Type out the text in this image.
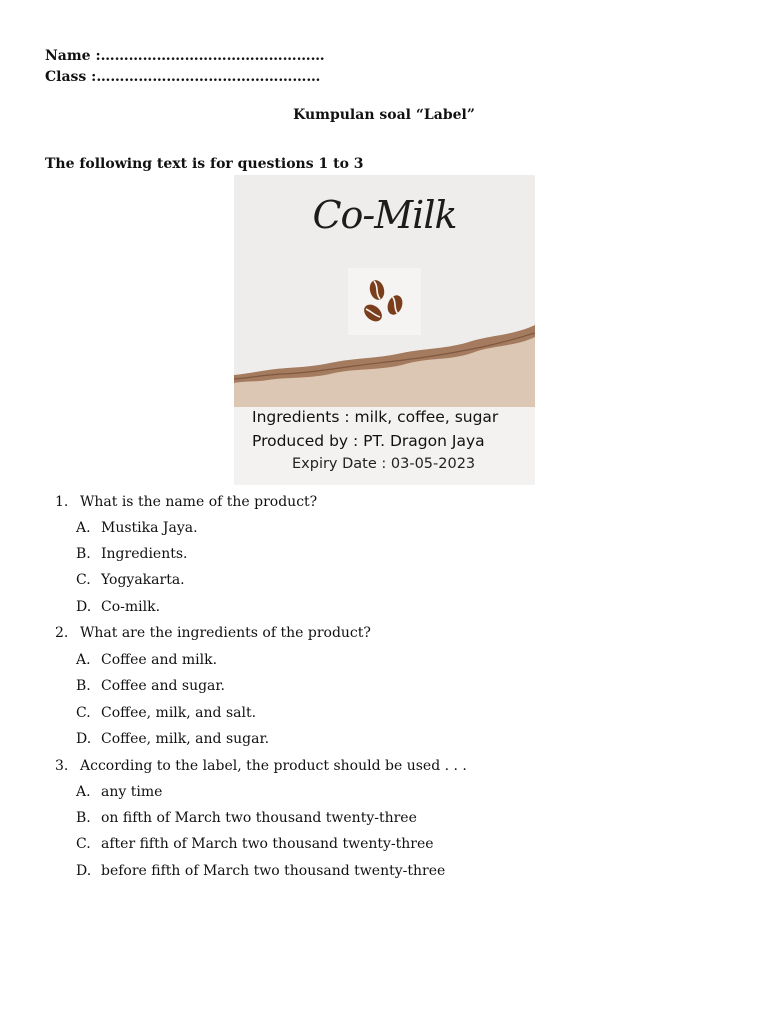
Name :…………………………………………
Class :…………………………………………
Kumpulan soal “Label”
The following text is for questions 1 to 3
Co-Milk
Ingredients : milk, coffee, sugar
Produced by : PT. Dragon Jaya
Expiry Date : 03-05-2023
1. What is the name of the product?
A. Mustika Jaya.
B. Ingredients.
C. Yogyakarta.
D. Co-milk.
2. What are the ingredients of the product?
A. Coffee and milk.
B. Coffee and sugar.
C. Coffee, milk, and salt.
D. Coffee, milk, and sugar.
3. According to the label, the product should be used . . .
A. any time
B. on fifth of March two thousand twenty-three
C. after fifth of March two thousand twenty-three
D. before fifth of March two thousand twenty-three
